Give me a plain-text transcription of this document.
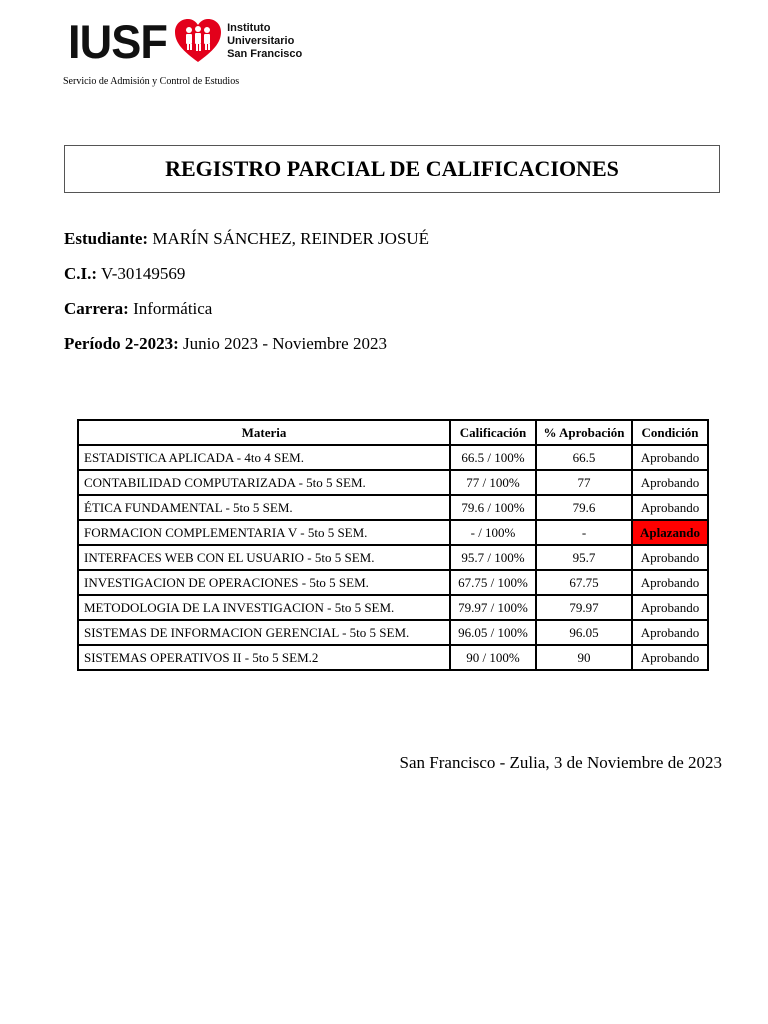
IUSF	Instituto
Universitario
San Francisco
Servicio de Admisión y Control de Estudios
REGISTRO PARCIAL DE CALIFICACIONES
Estudiante: MARÍN SÁNCHEZ, REINDER JOSUÉ
C.I.: V-30149569
Carrera: Informática
Período 2-2023: Junio 2023 - Noviembre 2023
Materia	Calificación	% Aprobación	Condición
ESTADISTICA APLICADA - 4to 4 SEM.	66.5 / 100%	66.5	Aprobando
CONTABILIDAD COMPUTARIZADA - 5to 5 SEM.	77 / 100%	77	Aprobando
ÉTICA FUNDAMENTAL - 5to 5 SEM.	79.6 / 100%	79.6	Aprobando
FORMACION COMPLEMENTARIA V - 5to 5 SEM.	- / 100%	-	Aplazando
INTERFACES WEB CON EL USUARIO - 5to 5 SEM.	95.7 / 100%	95.7	Aprobando
INVESTIGACION DE OPERACIONES - 5to 5 SEM.	67.75 / 100%	67.75	Aprobando
METODOLOGIA DE LA INVESTIGACION - 5to 5 SEM.	79.97 / 100%	79.97	Aprobando
SISTEMAS DE INFORMACION GERENCIAL - 5to 5 SEM.	96.05 / 100%	96.05	Aprobando
SISTEMAS OPERATIVOS II - 5to 5 SEM.2	90 / 100%	90	Aprobando
San Francisco - Zulia, 3 de Noviembre de 2023
